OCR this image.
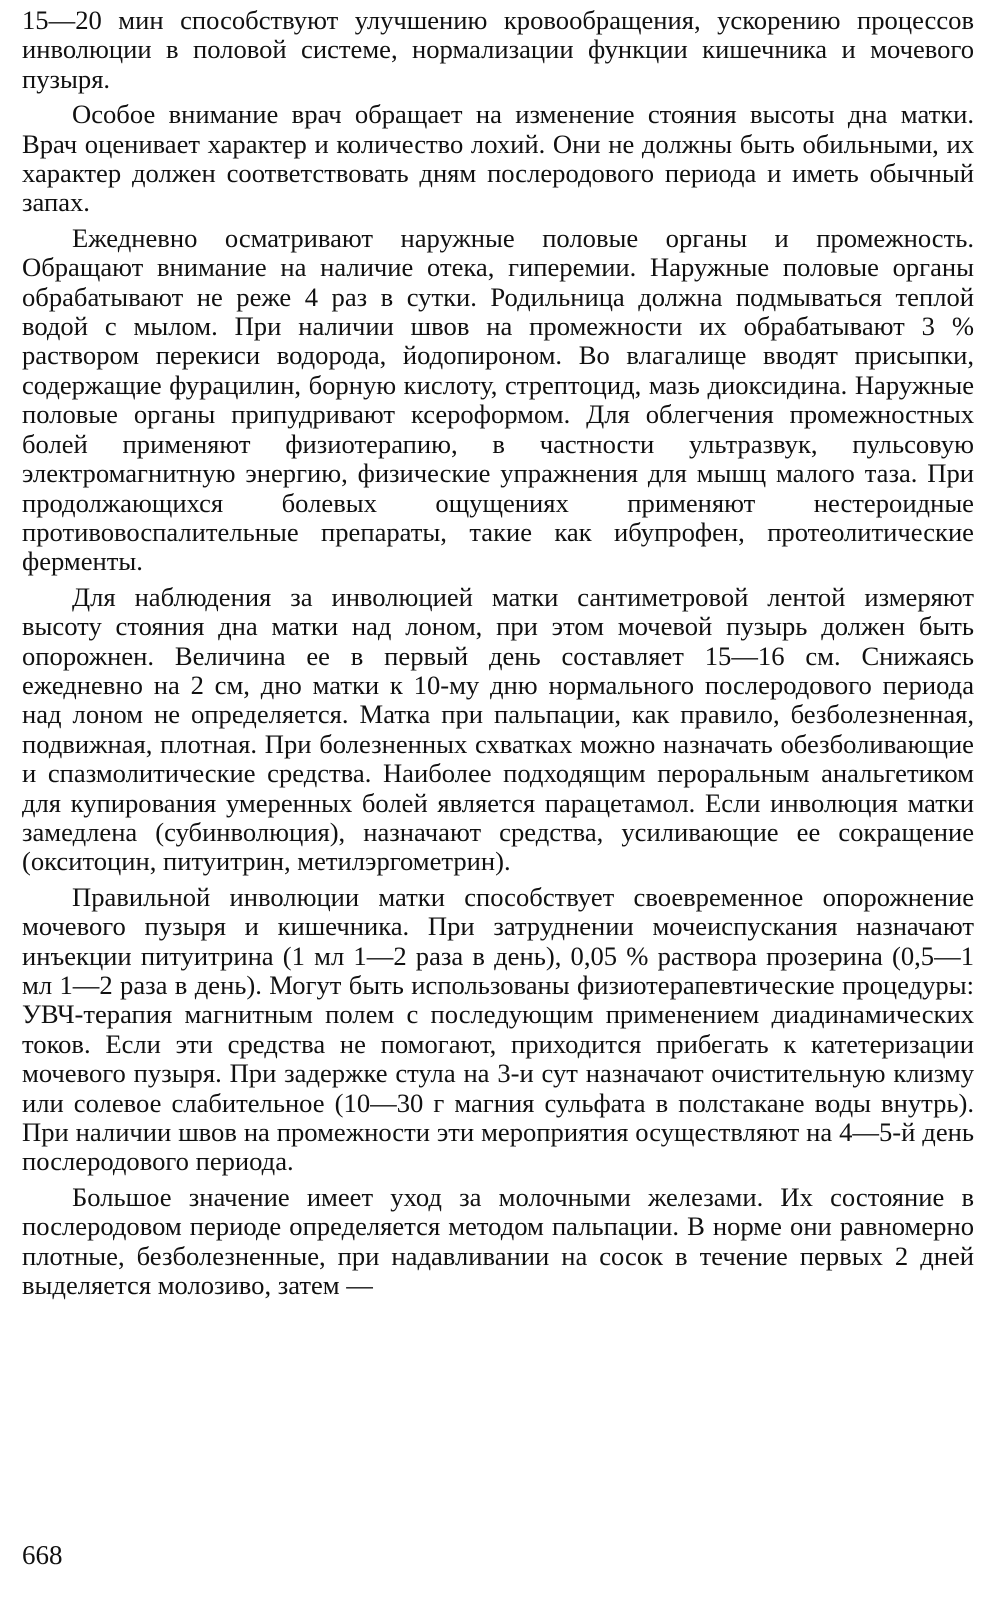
15—20 мин способствуют улучшению кровообращения, ускорению процессов инволюции в половой системе, нормализации функции кишечника и мочевого пузыря.

Особое внимание врач обращает на изменение стояния высоты дна матки. Врач оценивает характер и количество лохий. Они не должны быть обильными, их характер должен соответствовать дням послеродового периода и иметь обычный запах.

Ежедневно осматривают наружные половые органы и промежность. Обращают внимание на наличие отека, гиперемии. Наружные половые органы обрабатывают не реже 4 раз в сутки. Родильница должна подмываться теплой водой с мылом. При наличии швов на промежности их обрабатывают 3 % раствором перекиси водорода, йодопироном. Во влагалище вводят присыпки, содержащие фурацилин, борную кислоту, стрептоцид, мазь диоксидина. Наружные половые органы припудривают ксероформом. Для облегчения промежностных болей применяют физиотерапию, в частности ультразвук, пульсовую электромагнитную энергию, физические упражнения для мышц малого таза. При продолжающихся болевых ощущениях применяют нестероидные противовоспалительные препараты, такие как ибупрофен, протеолитические ферменты.

Для наблюдения за инволюцией матки сантиметровой лентой измеряют высоту стояния дна матки над лоном, при этом мочевой пузырь должен быть опорожнен. Величина ее в первый день составляет 15—16 см. Снижаясь ежедневно на 2 см, дно матки к 10-му дню нормального послеродового периода над лоном не определяется. Матка при пальпации, как правило, безболезненная, подвижная, плотная. При болезненных схватках можно назначать обезболивающие и спазмолитические средства. Наиболее подходящим пероральным анальгетиком для купирования умеренных болей является парацетамол. Если инволюция матки замедлена (субинволюция), назначают средства, усиливающие ее сокращение (окситоцин, питуитрин, метилэргометрин).

Правильной инволюции матки способствует своевременное опорожнение мочевого пузыря и кишечника. При затруднении мочеиспускания назначают инъекции питуитрина (1 мл 1—2 раза в день), 0,05 % раствора прозерина (0,5—1 мл 1—2 раза в день). Могут быть использованы физиотерапевтические процедуры: УВЧ-терапия магнитным полем с последующим применением диадинамических токов. Если эти средства не помогают, приходится прибегать к катетеризации мочевого пузыря. При задержке стула на 3-и сут назначают очистительную клизму или солевое слабительное (10—30 г магния сульфата в полстакане воды внутрь). При наличии швов на промежности эти мероприятия осуществляют на 4—5-й день послеродового периода.

Большое значение имеет уход за молочными железами. Их состояние в послеродовом периоде определяется методом пальпации. В норме они равномерно плотные, безболезненные, при надавливании на сосок в течение первых 2 дней выделяется молозиво, затем —

668
